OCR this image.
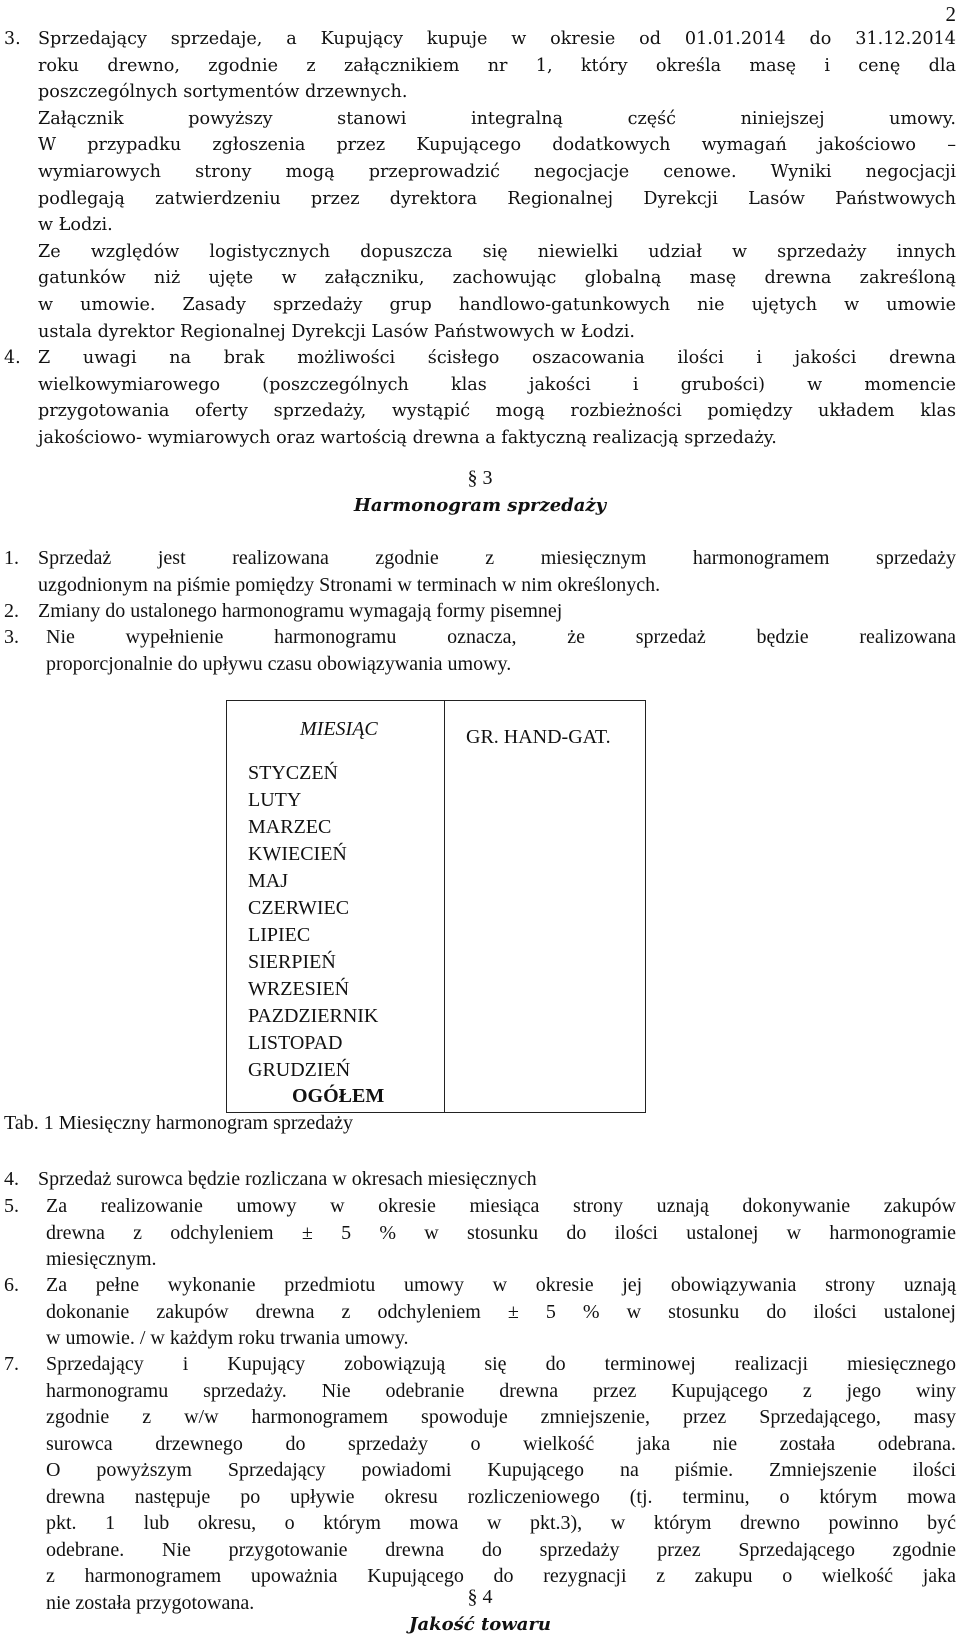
2
3. Sprzedający sprzedaje, a Kupujący kupuje w okresie od 01.01.2014 do 31.12.2014
roku drewno, zgodnie z załącznikiem nr 1, który określa masę i cenę dla
poszczególnych sortymentów drzewnych.
Załącznik powyższy stanowi integralną część niniejszej umowy.
W przypadku zgłoszenia przez Kupującego dodatkowych wymagań jakościowo –
wymiarowych strony mogą przeprowadzić negocjacje cenowe. Wyniki negocjacji
podlegają zatwierdzeniu przez dyrektora Regionalnej Dyrekcji Lasów Państwowych
w Łodzi.
Ze względów logistycznych dopuszcza się niewielki udział w sprzedaży innych
gatunków niż ujęte w załączniku, zachowując globalną masę drewna zakreśloną
w umowie. Zasady sprzedaży grup handlowo-gatunkowych nie ujętych w umowie
ustala dyrektor Regionalnej Dyrekcji Lasów Państwowych w Łodzi.
4. Z uwagi na brak możliwości ścisłego oszacowania ilości i jakości drewna
wielkowymiarowego (poszczególnych klas jakości i grubości) w momencie
przygotowania oferty sprzedaży, wystąpić mogą rozbieżności pomiędzy układem klas
jakościowo- wymiarowych oraz wartością drewna a faktyczną realizacją sprzedaży.
§ 3
Harmonogram sprzedaży
1. Sprzedaż jest realizowana zgodnie z miesięcznym harmonogramem sprzedaży
uzgodnionym na piśmie pomiędzy Stronami w terminach w nim określonych.
2. Zmiany do ustalonego harmonogramu wymagają formy pisemnej
3. Nie wypełnienie harmonogramu oznacza, że sprzedaż będzie realizowana
proporcjonalnie do upływu czasu obowiązywania umowy.
MIESIĄC	GR. HAND-GAT.
STYCZEŃ
LUTY
MARZEC
KWIECIEŃ
MAJ
CZERWIEC
LIPIEC
SIERPIEŃ
WRZESIEŃ
PAZDZIERNIK
LISTOPAD
GRUDZIEŃ
OGÓŁEM
Tab. 1 Miesięczny harmonogram sprzedaży
4. Sprzedaż surowca będzie rozliczana w okresach miesięcznych
5. Za realizowanie umowy w okresie miesiąca strony uznają dokonywanie zakupów
drewna z odchyleniem ± 5 % w stosunku do ilości ustalonej w harmonogramie
miesięcznym.
6. Za pełne wykonanie przedmiotu umowy w okresie jej obowiązywania strony uznają
dokonanie zakupów drewna z odchyleniem ± 5 % w stosunku do ilości ustalonej
w umowie. / w każdym roku trwania umowy.
7. Sprzedający i Kupujący zobowiązują się do terminowej realizacji miesięcznego
harmonogramu sprzedaży. Nie odebranie drewna przez Kupującego z jego winy
zgodnie z w/w harmonogramem spowoduje zmniejszenie, przez Sprzedającego, masy
surowca drzewnego do sprzedaży o wielkość jaka nie została odebrana.
O powyższym Sprzedający powiadomi Kupującego na piśmie. Zmniejszenie ilości
drewna następuje po upływie okresu rozliczeniowego (tj. terminu, o którym mowa
pkt. 1 lub okresu, o którym mowa w pkt.3), w którym drewno powinno być
odebrane. Nie przygotowanie drewna do sprzedaży przez Sprzedającego zgodnie
z harmonogramem upoważnia Kupującego do rezygnacji z zakupu o wielkość jaka
nie została przygotowana.	§ 4
Jakość towaru
